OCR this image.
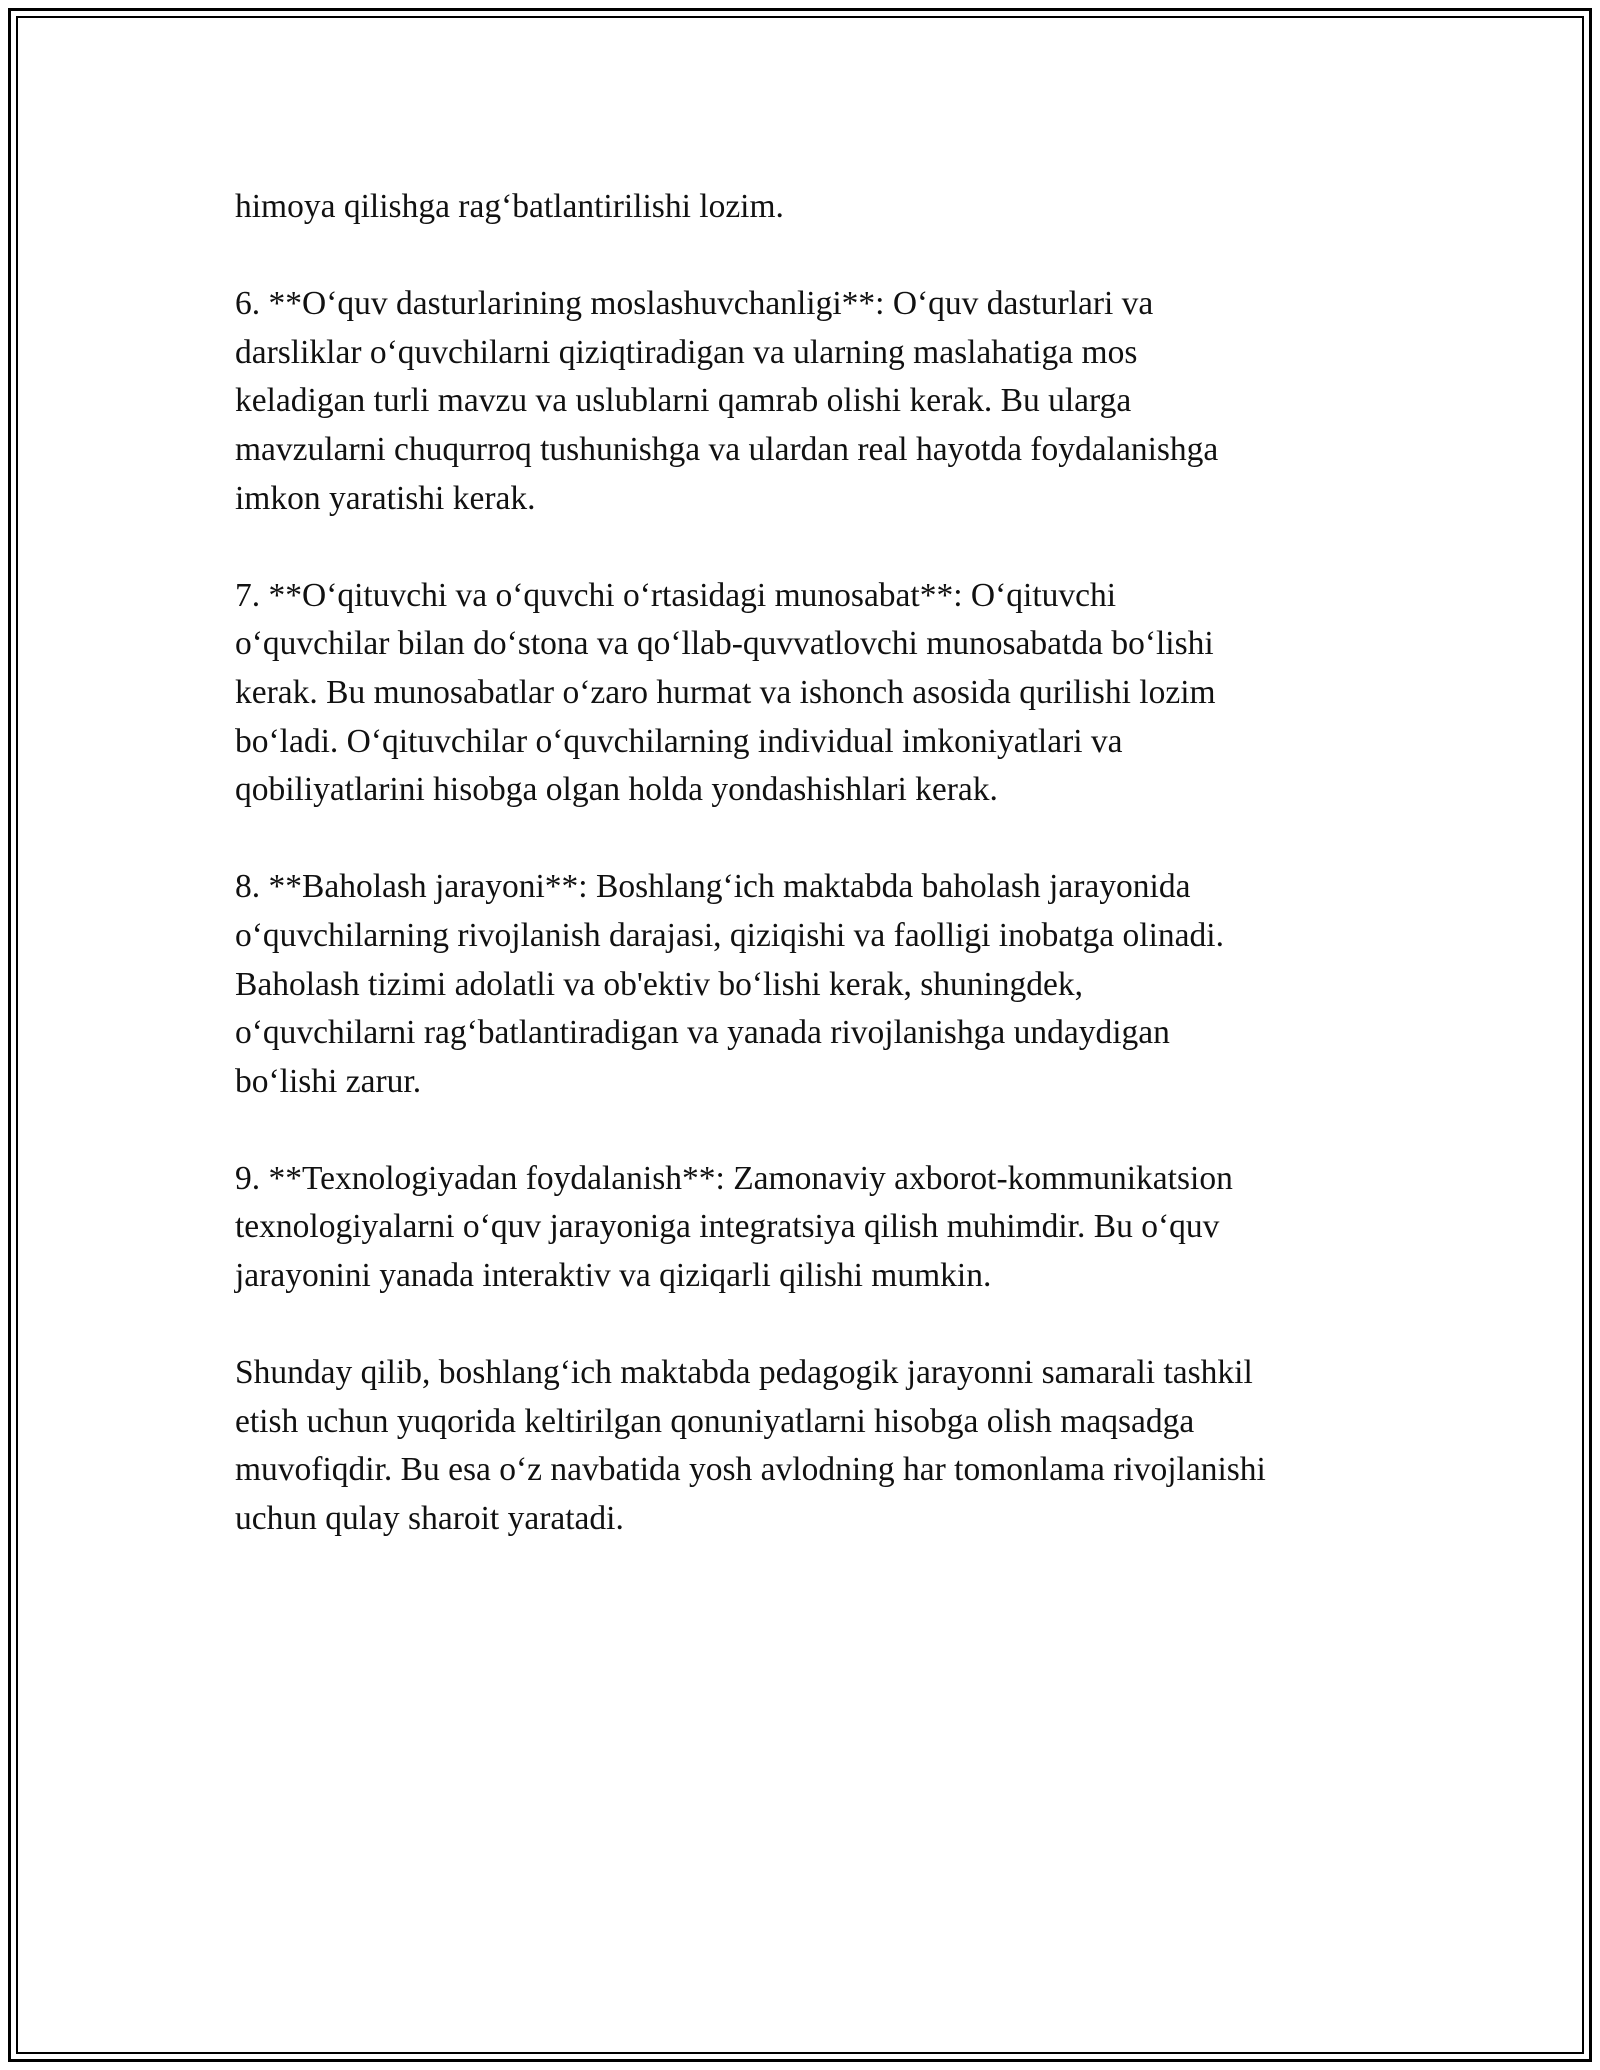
himoya qilishga rag‘batlantirilishi lozim.

6. **O‘quv dasturlarining moslashuvchanligi**: O‘quv dasturlari va
darsliklar o‘quvchilarni qiziqtiradigan va ularning maslahatiga mos
keladigan turli mavzu va uslublarni qamrab olishi kerak. Bu ularga
mavzularni chuqurroq tushunishga va ulardan real hayotda foydalanishga
imkon yaratishi kerak.

7. **O‘qituvchi va o‘quvchi o‘rtasidagi munosabat**: O‘qituvchi
o‘quvchilar bilan do‘stona va qo‘llab-quvvatlovchi munosabatda bo‘lishi
kerak. Bu munosabatlar o‘zaro hurmat va ishonch asosida qurilishi lozim
bo‘ladi. O‘qituvchilar o‘quvchilarning individual imkoniyatlari va
qobiliyatlarini hisobga olgan holda yondashishlari kerak.

8. **Baholash jarayoni**: Boshlang‘ich maktabda baholash jarayonida
o‘quvchilarning rivojlanish darajasi, qiziqishi va faolligi inobatga olinadi.
Baholash tizimi adolatli va ob'ektiv bo‘lishi kerak, shuningdek,
o‘quvchilarni rag‘batlantiradigan va yanada rivojlanishga undaydigan
bo‘lishi zarur.

9. **Texnologiyadan foydalanish**: Zamonaviy axborot-kommunikatsion
texnologiyalarni o‘quv jarayoniga integratsiya qilish muhimdir. Bu o‘quv
jarayonini yanada interaktiv va qiziqarli qilishi mumkin.

Shunday qilib, boshlang‘ich maktabda pedagogik jarayonni samarali tashkil
etish uchun yuqorida keltirilgan qonuniyatlarni hisobga olish maqsadga
muvofiqdir. Bu esa o‘z navbatida yosh avlodning har tomonlama rivojlanishi
uchun qulay sharoit yaratadi.
